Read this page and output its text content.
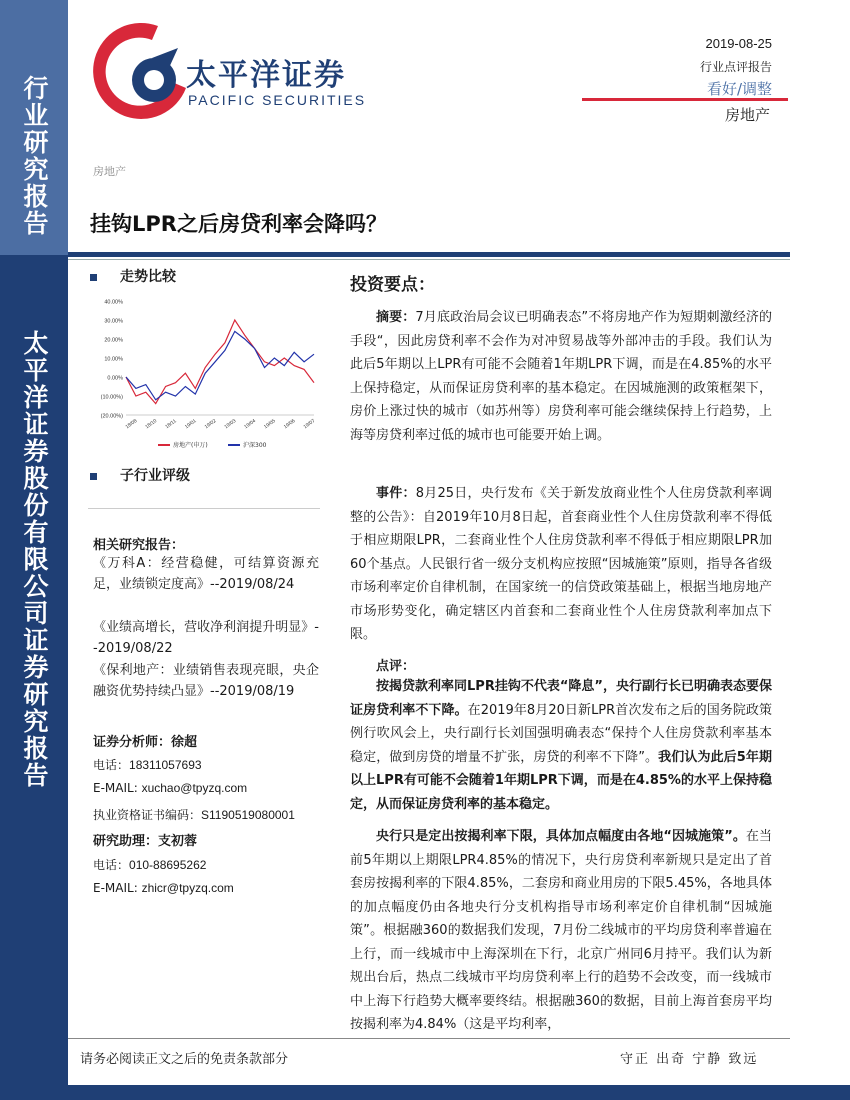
行业研究报告
太平洋证券股份有限公司证券研究报告
太平洋证券
PACIFIC SECURITIES
2019-08-25
行业点评报告
看好/调整
房地产
房地产
挂钩LPR之后房贷利率会降吗？
走势比较
40.00%
30.00%
20.00%
10.00%
0.00%
(10.00%)
(20.00%)
18/08 18/10 18/11 19/01 19/02 19/03 19/04 19/05 19/06 19/07
房地产(申万)	沪深300
子行业评级
相关研究报告：
《万科A：经营稳健，可结算资源充足，业绩锁定度高》--2019/08/24
《业绩高增长，营收净利润提升明显》--2019/08/22
《保利地产：业绩销售表现亮眼，央企融资优势持续凸显》--2019/08/19
证券分析师：徐超
电话：18311057693
E-MAIL: xuchao@tpyzq.com
执业资格证书编码：S1190519080001
研究助理：支初蓉
电话：010-88695262
E-MAIL: zhicr@tpyzq.com
投资要点：
摘要：7月底政治局会议已明确表态”不将房地产作为短期刺激经济的手段“，因此房贷利率不会作为对冲贸易战等外部冲击的手段。我们认为此后5年期以上LPR有可能不会随着1年期LPR下调，而是在4.85%的水平上保持稳定，从而保证房贷利率的基本稳定。在因城施测的政策框架下，房价上涨过快的城市（如苏州等）房贷利率可能会继续保持上行趋势，上海等房贷利率过低的城市也可能要开始上调。
事件：8月25日，央行发布《关于新发放商业性个人住房贷款利率调整的公告》：自2019年10月8日起，首套商业性个人住房贷款利率不得低于相应期限LPR，二套商业性个人住房贷款利率不得低于相应期限LPR加60个基点。人民银行省一级分支机构应按照“因城施策”原则，指导各省级市场利率定价自律机制，在国家统一的信贷政策基础上，根据当地房地产市场形势变化，确定辖区内首套和二套商业性个人住房贷款利率加点下限。
点评：
按揭贷款利率同LPR挂钩不代表“降息”，央行副行长已明确表态要保证房贷利率不下降。在2019年8月20日新LPR首次发布之后的国务院政策例行吹风会上，央行副行长刘国强明确表态“保持个人住房贷款利率基本稳定，做到房贷的增量不扩张，房贷的利率不下降”。我们认为此后5年期以上LPR有可能不会随着1年期LPR下调，而是在4.85%的水平上保持稳定，从而保证房贷利率的基本稳定。
央行只是定出按揭利率下限，具体加点幅度由各地“因城施策”。在当前5年期以上期限LPR4.85%的情况下，央行房贷利率新规只是定出了首套房按揭利率的下限4.85%，二套房和商业用房的下限5.45%，各地具体的加点幅度仍由各地央行分支机构指导市场利率定价自律机制“因城施策”。根据融360的数据我们发现，7月份二线城市的平均房贷利率普遍在上行，而一线城市中上海深圳在下行，北京广州同6月持平。我们认为新规出台后，热点二线城市平均房贷利率上行的趋势不会改变，而一线城市中上海下行趋势大概率要终结。根据融360的数据，目前上海首套房平均按揭利率为4.84%（这是平均利率，
请务必阅读正文之后的免责条款部分	守正 出奇 宁静 致远
